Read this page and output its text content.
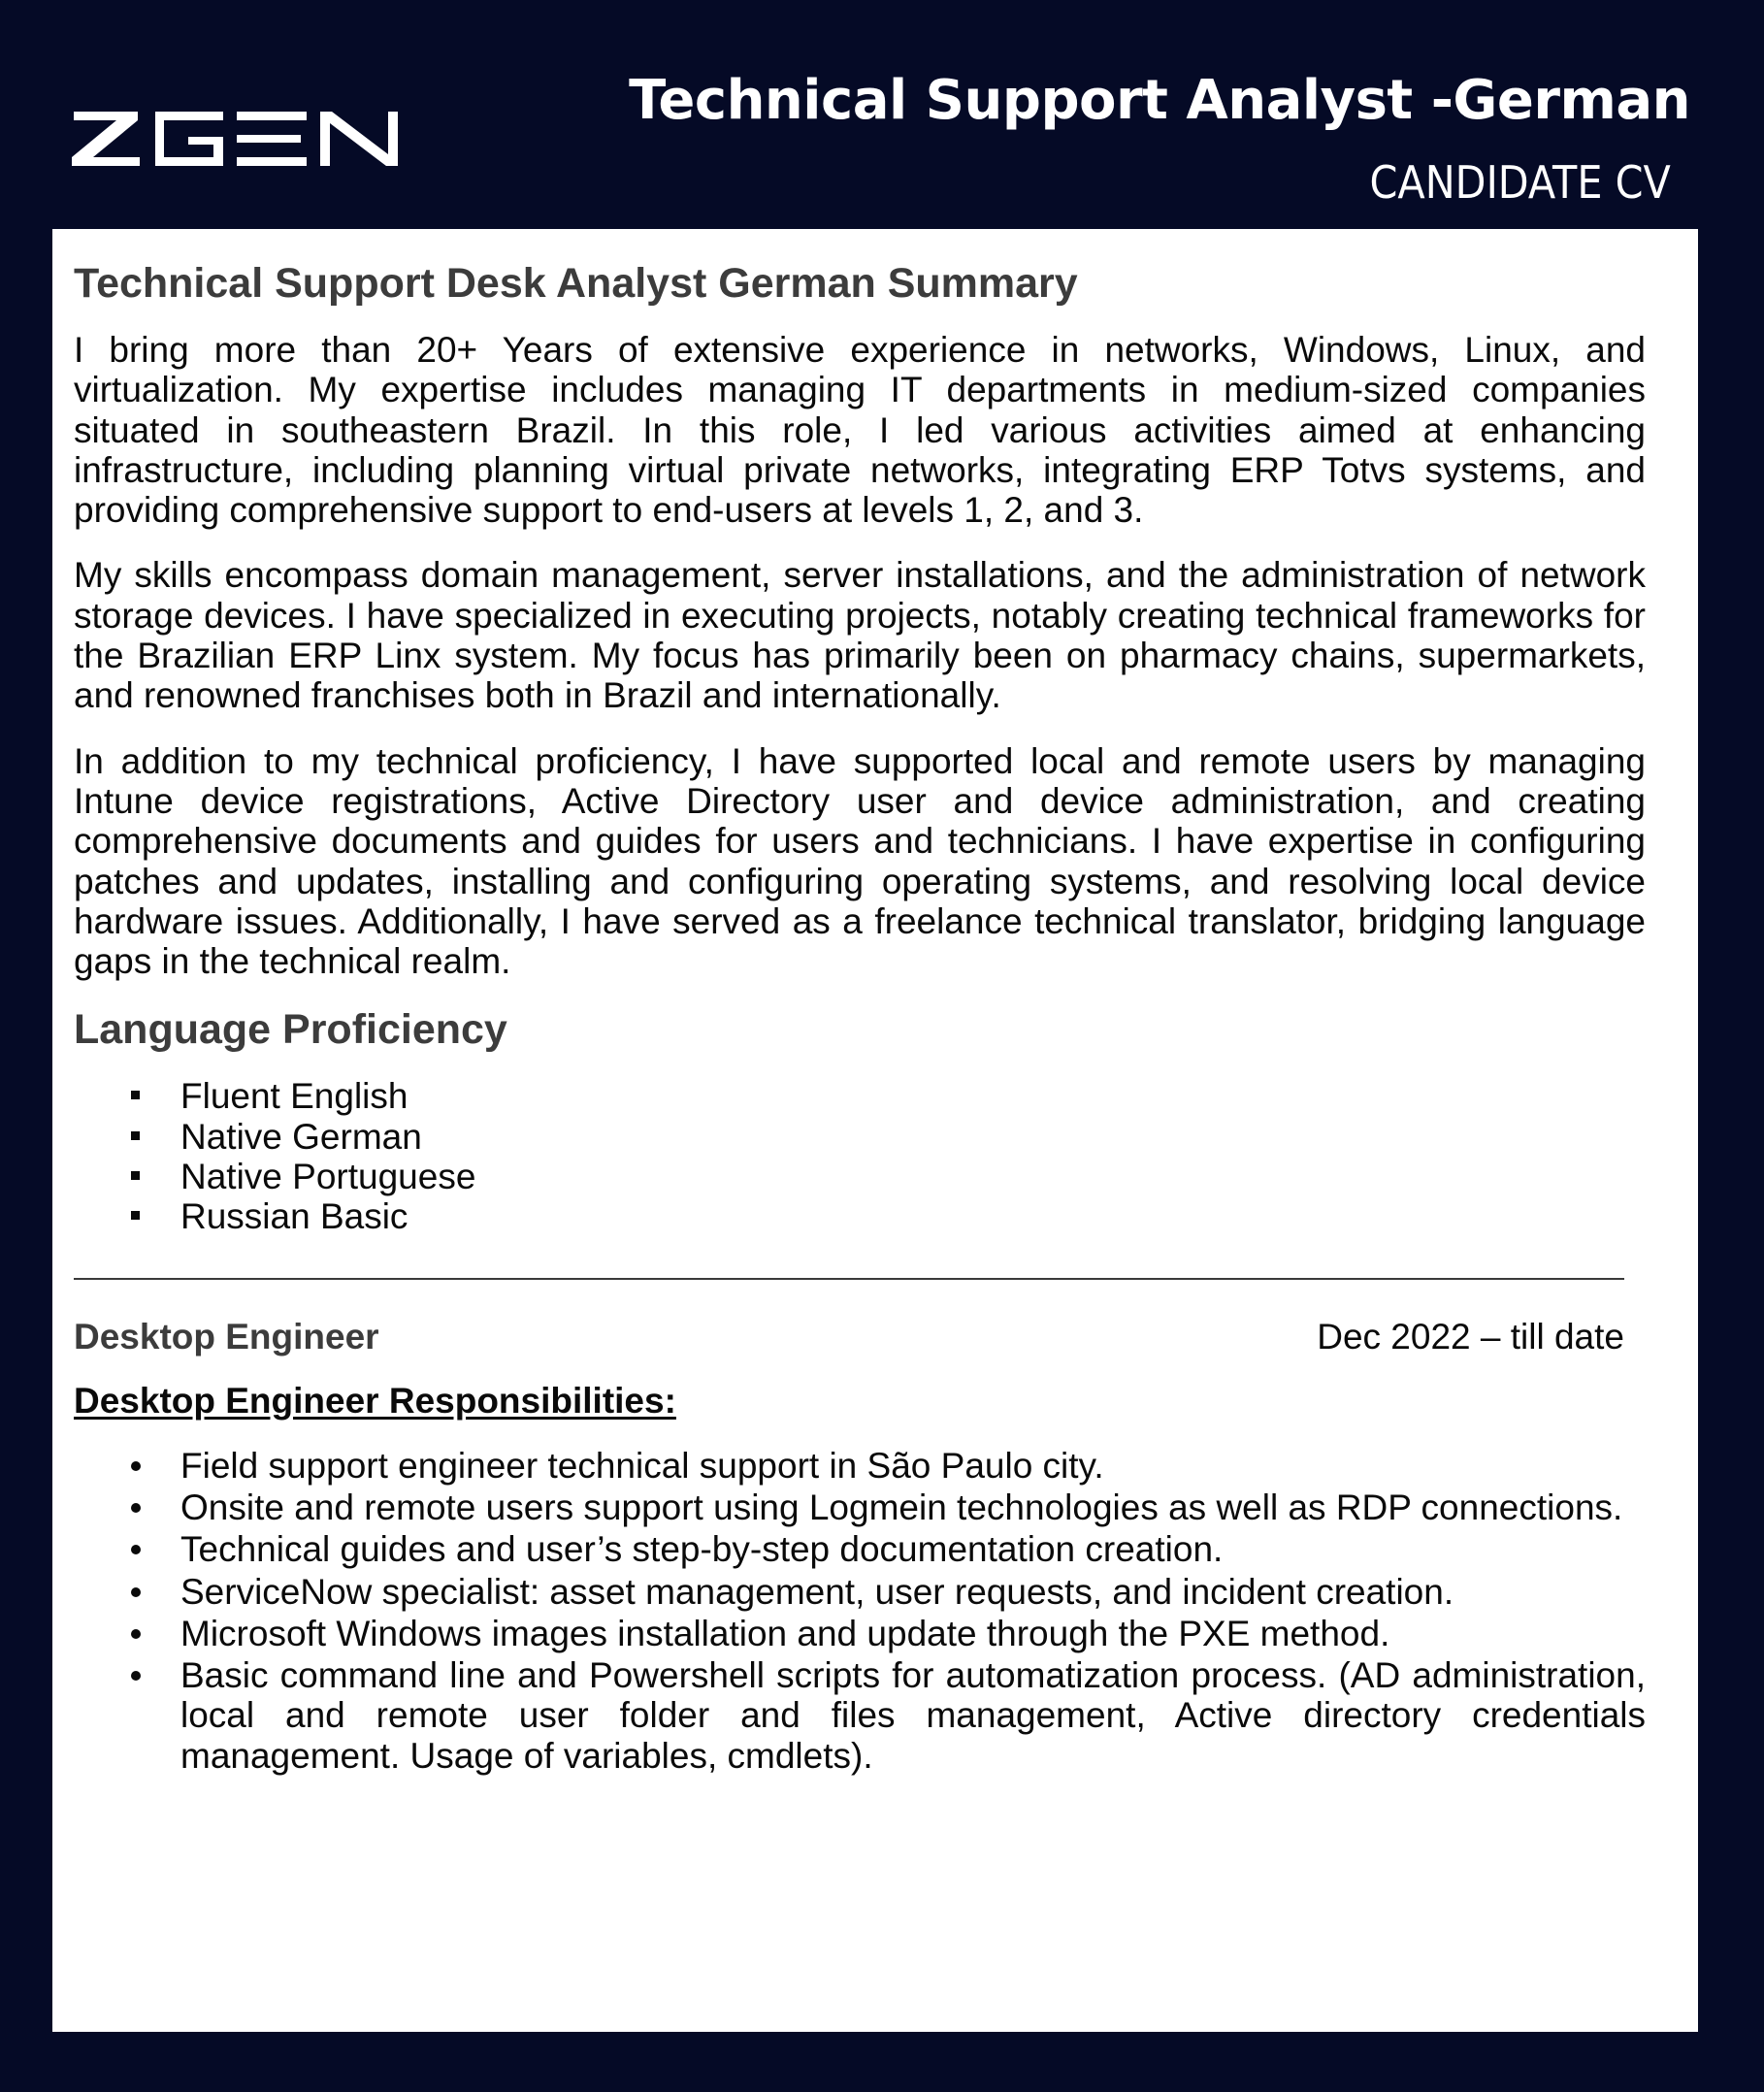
Technical Support Analyst -German
CANDIDATE CV
Technical Support Desk Analyst German Summary

I bring more than 20+ Years of extensive experience in networks, Windows, Linux, and virtualization. My expertise includes managing IT departments in medium-sized companies situated in southeastern Brazil. In this role, I led various activities aimed at enhancing infrastructure, including planning virtual private networks, integrating ERP Totvs systems, and providing comprehensive support to end-users at levels 1, 2, and 3.

My skills encompass domain management, server installations, and the administration of network storage devices. I have specialized in executing projects, notably creating technical frameworks for the Brazilian ERP Linx system. My focus has primarily been on pharmacy chains, supermarkets, and renowned franchises both in Brazil and internationally.

In addition to my technical proficiency, I have supported local and remote users by managing Intune device registrations, Active Directory user and device administration, and creating comprehensive documents and guides for users and technicians. I have expertise in configuring patches and updates, installing and configuring operating systems, and resolving local device hardware issues. Additionally, I have served as a freelance technical translator, bridging language gaps in the technical realm.

Language Proficiency
Fluent English
Native German
Native Portuguese
Russian Basic
Desktop Engineer	Dec 2022 – till date
Desktop Engineer Responsibilities:
Field support engineer technical support in São Paulo city.
Onsite and remote users support using Logmein technologies as well as RDP connections.
Technical guides and user’s step-by-step documentation creation.
ServiceNow specialist: asset management, user requests, and incident creation.
Microsoft Windows images installation and update through the PXE method.
Basic command line and Powershell scripts for automatization process. (AD administration, local and remote user folder and files management, Active directory credentials management. Usage of variables, cmdlets).
